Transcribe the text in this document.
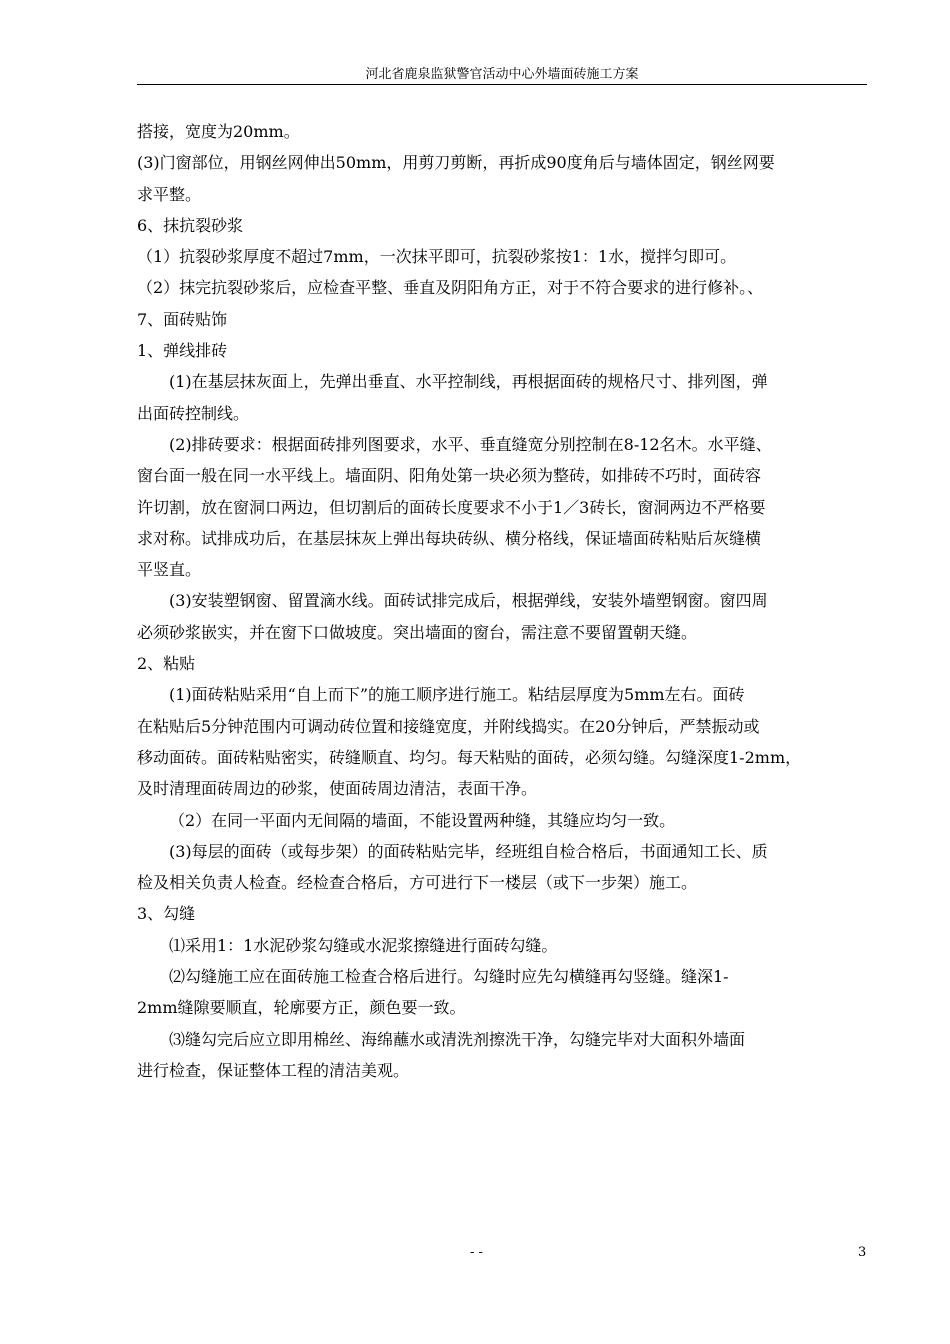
河北省鹿泉监狱警官活动中心外墙面砖施工方案
搭接，宽度为20mm。
(3)门窗部位，用钢丝网伸出50mm，用剪刀剪断，再折成90度角后与墙体固定，钢丝网要
求平整。
6、抹抗裂砂浆
（1）抗裂砂浆厚度不超过7mm，一次抹平即可，抗裂砂浆按1：1水，搅拌匀即可。
（2）抹完抗裂砂浆后，应检查平整、垂直及阴阳角方正，对于不符合要求的进行修补。、
7、面砖贴饰
1、弹线排砖
(1)在基层抹灰面上，先弹出垂直、水平控制线，再根据面砖的规格尺寸、排列图，弹
出面砖控制线。
(2)排砖要求：根据面砖排列图要求，水平、垂直缝宽分别控制在8-12名木。水平缝、
窗台面一般在同一水平线上。墙面阴、阳角处第一块必须为整砖，如排砖不巧时，面砖容
许切割，放在窗洞口两边，但切割后的面砖长度要求不小于1／3砖长，窗洞两边不严格要
求对称。试排成功后，在基层抹灰上弹出每块砖纵、横分格线，保证墙面砖粘贴后灰缝横
平竖直。
(3)安装塑钢窗、留置滴水线。面砖试排完成后，根据弹线，安装外墙塑钢窗。窗四周
必须砂浆嵌实，并在窗下口做坡度。突出墙面的窗台，需注意不要留置朝天缝。
2、粘贴
(1)面砖粘贴采用“自上而下”的施工顺序进行施工。粘结层厚度为5mm左右。面砖
在粘贴后5分钟范围内可调动砖位置和接缝宽度，并附线捣实。在20分钟后，严禁振动或
移动面砖。面砖粘贴密实，砖缝顺直、均匀。每天粘贴的面砖，必须勾缝。勾缝深度1-2mm，
及时清理面砖周边的砂浆，使面砖周边清洁，表面干净。
（2）在同一平面内无间隔的墙面，不能设置两种缝，其缝应均匀一致。
(3)每层的面砖（或每步架）的面砖粘贴完毕，经班组自检合格后，书面通知工长、质
检及相关负责人检查。经检查合格后，方可进行下一楼层（或下一步架）施工。
3、勾缝
⑴采用1：1水泥砂浆勾缝或水泥浆擦缝进行面砖勾缝。
⑵勾缝施工应在面砖施工检查合格后进行。勾缝时应先勾横缝再勾竖缝。缝深1-
2mm缝隙要顺直，轮廓要方正，颜色要一致。
⑶缝勾完后应立即用棉丝、海绵蘸水或清洗剂擦洗干净，勾缝完毕对大面积外墙面
进行检查，保证整体工程的清洁美观。
- -	3
